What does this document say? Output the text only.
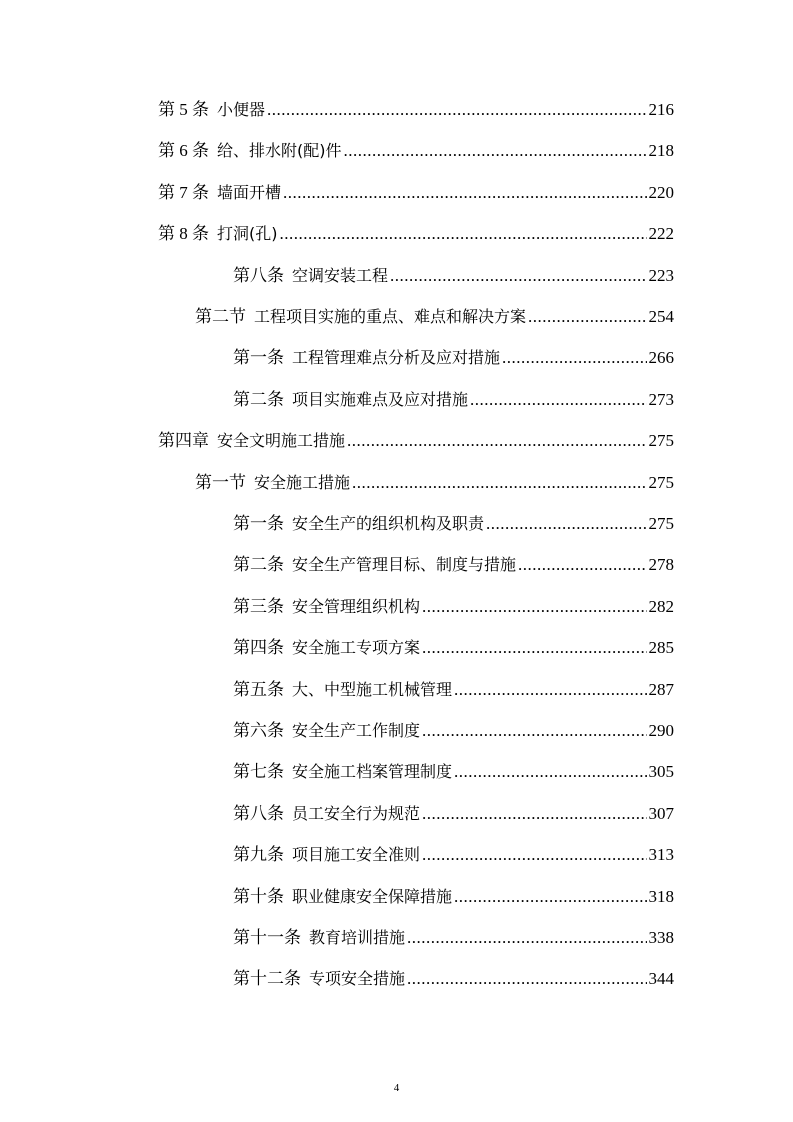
第 5 条 小便器 .....	216
第 6 条 给、排水附(配)件 .....	218
第 7 条 墙面开槽 .....	220
第 8 条 打洞(孔) .....	222
第八条 空调安装工程 .....	223
第二节 工程项目实施的重点、难点和解决方案 .....	254
第一条 工程管理难点分析及应对措施 .....	266
第二条 项目实施难点及应对措施 .....	273
第四章 安全文明施工措施 .....	275
第一节 安全施工措施 .....	275
第一条 安全生产的组织机构及职责 .....	275
第二条 安全生产管理目标、制度与措施 .....	278
第三条 安全管理组织机构 .....	282
第四条 安全施工专项方案 .....	285
第五条 大、中型施工机械管理 .....	287
第六条 安全生产工作制度 .....	290
第七条 安全施工档案管理制度 .....	305
第八条 员工安全行为规范 .....	307
第九条 项目施工安全准则 .....	313
第十条 职业健康安全保障措施 .....	318
第十一条 教育培训措施 .....	338
第十二条 专项安全措施 .....	344
4
